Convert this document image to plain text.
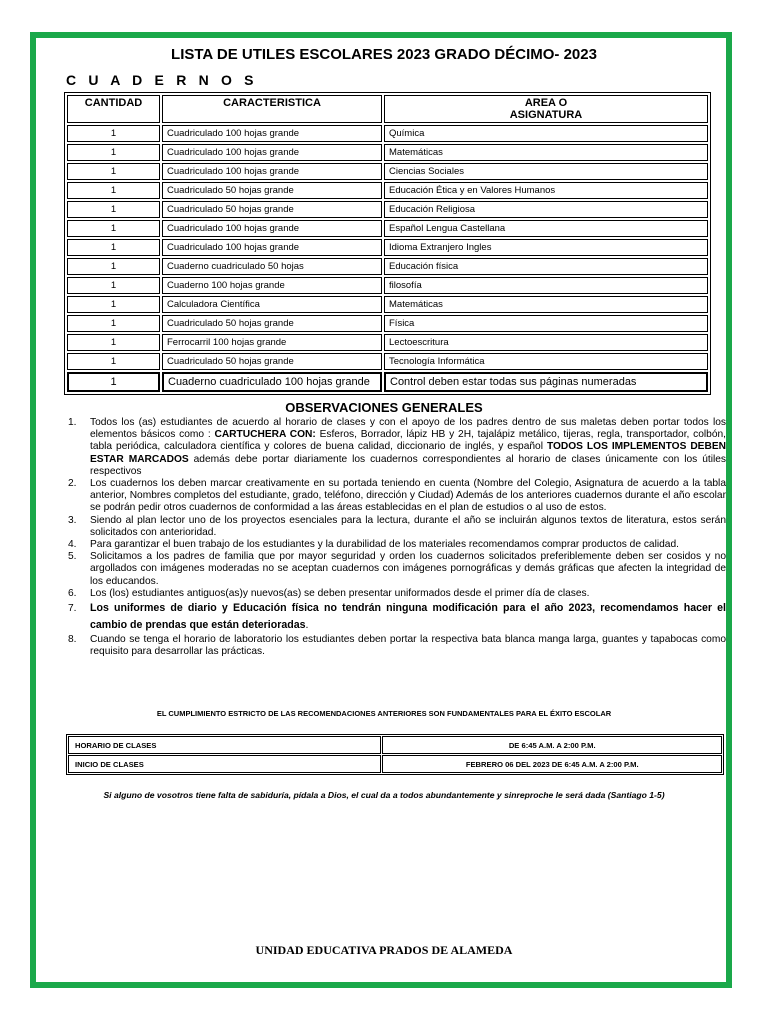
LISTA DE UTILES ESCOLARES 2023 GRADO DÉCIMO- 2023
C U A D E R N O S
CANTIDAD	CARACTERISTICA	AREA O
ASIGNATURA

1	Cuadriculado 100 hojas grande	Química
1	Cuadriculado 100 hojas grande	Matemáticas
1	Cuadriculado 100 hojas grande	Ciencias Sociales
1	Cuadriculado 50 hojas grande	Educación Ética y en Valores Humanos
1	Cuadriculado 50 hojas grande	Educación Religiosa
1	Cuadriculado 100 hojas grande	Español Lengua Castellana
1	Cuadriculado 100 hojas grande	Idioma Extranjero Ingles
1	Cuaderno cuadriculado 50 hojas	Educación física
1	Cuaderno 100 hojas grande	filosofía
1	Calculadora Científica	Matemáticas
1	Cuadriculado 50 hojas grande	Física
1	Ferrocarril 100 hojas grande	Lectoescritura
1	Cuadriculado 50 hojas grande	Tecnología Informática
1	Cuaderno cuadriculado 100 hojas grande	Control deben estar todas sus páginas numeradas
OBSERVACIONES GENERALES
1. Todos los (as) estudiantes de acuerdo al horario de clases y con el apoyo de los padres dentro de sus maletas deben portar todos los elementos básicos como : CARTUCHERA CON: Esferos, Borrador, lápiz HB y 2H, tajalápiz metálico, tijeras, regla, transportador, colbón, tabla periódica, calculadora científica y colores de buena calidad, diccionario de inglés, y español TODOS LOS IMPLEMENTOS DEBEN ESTAR MARCADOS además debe portar diariamente los cuadernos correspondientes al horario de clases únicamente con los útiles respectivos
2. Los cuadernos los deben marcar creativamente en su portada teniendo en cuenta (Nombre del Colegio, Asignatura de acuerdo a la tabla anterior, Nombres completos del estudiante, grado, teléfono, dirección y Ciudad) Además de los anteriores cuadernos durante el año escolar se podrán pedir otros cuadernos de conformidad a las áreas establecidas en el plan de estudios o al uso de estos.
3. Siendo al plan lector uno de los proyectos esenciales para la lectura, durante el año se incluirán algunos textos de literatura, estos serán solicitados con anterioridad.
4. Para garantizar el buen trabajo de los estudiantes y la durabilidad de los materiales recomendamos comprar productos de calidad.
5. Solicitamos a los padres de familia que por mayor seguridad y orden los cuadernos solicitados preferiblemente deben ser cosidos y no argollados con imágenes moderadas no se aceptan cuadernos con imágenes pornográficas y demás gráficas que afecten la integridad de los educandos.
6. Los (los) estudiantes antiguos(as)y nuevos(as) se deben presentar uniformados desde el primer día de clases.
7. Los uniformes de diario y Educación física no tendrán ninguna modificación para el año 2023, recomendamos hacer el cambio de prendas que están deterioradas.
8. Cuando se tenga el horario de laboratorio los estudiantes deben portar la respectiva bata blanca manga larga, guantes y tapabocas como requisito para desarrollar las prácticas.
EL CUMPLIMIENTO ESTRICTO DE LAS RECOMENDACIONES ANTERIORES SON FUNDAMENTALES PARA EL ÉXITO ESCOLAR
HORARIO DE CLASES	DE 6:45 A.M. A 2:00 P.M.
INICIO DE CLASES	FEBRERO 06 DEL 2023 DE 6:45 A.M. A 2:00 P.M.
Si alguno de vosotros tiene falta de sabiduría, pídala a Dios, el cual da a todos abundantemente y sinreproche le será dada (Santiago 1-5)
UNIDAD EDUCATIVA PRADOS DE ALAMEDA
